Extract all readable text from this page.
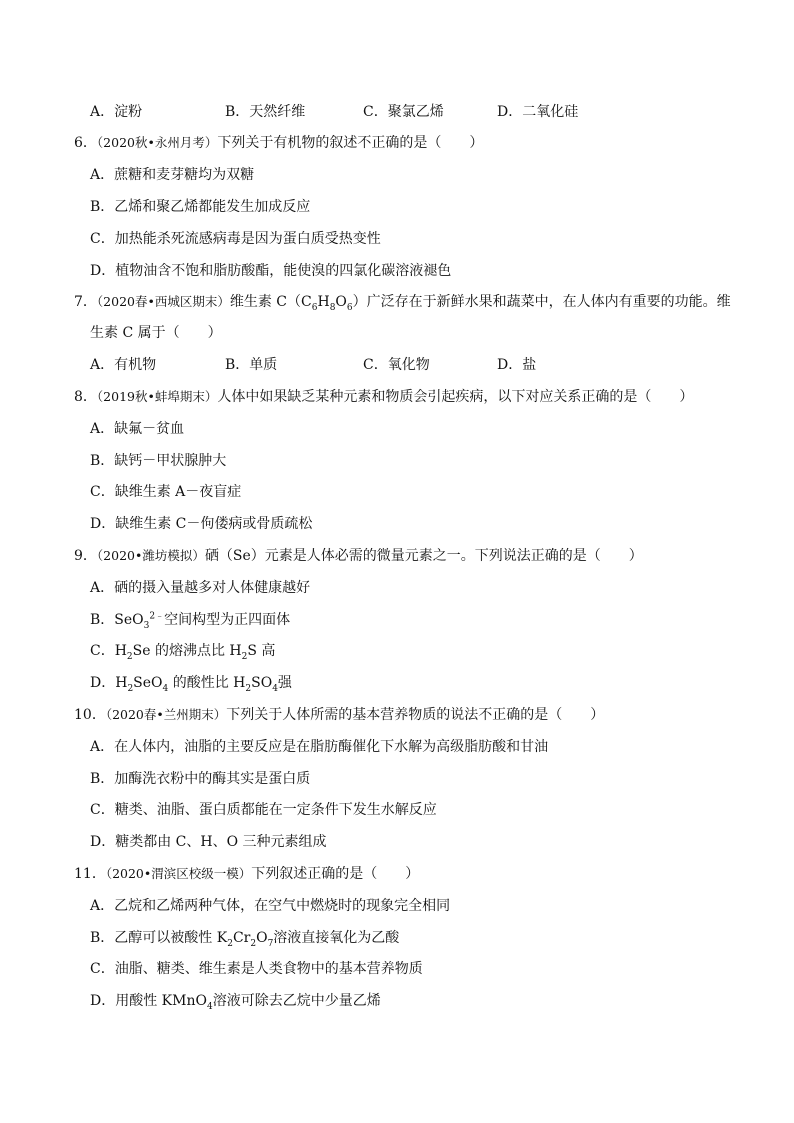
A．淀粉	B．天然纤维	C．聚氯乙烯	D．二氧化硅
6．（2020秋•永州月考）下列关于有机物的叙述不正确的是（　　）
A．蔗糖和麦芽糖均为双糖
B．乙烯和聚乙烯都能发生加成反应
C．加热能杀死流感病毒是因为蛋白质受热变性
D．植物油含不饱和脂肪酸酯，能使溴的四氯化碳溶液褪色
7．（2020春•西城区期末）维生素 $C(C_6H_8O_6)$广泛存在于新鲜水果和蔬菜中，在人体内有重要的功能。维
生素 C 属于（　　）
A．有机物	B．单质	C．氧化物	D．盐
8．（2019秋•蚌埠期末）人体中如果缺乏某种元素和物质会引起疾病，以下对应关系正确的是（　　）
A．缺氟－贫血
B．缺钙－甲状腺肿大
C．缺维生素 A－夜盲症
D．缺维生素 C－佝偻病或骨质疏松
9．（2020•潍坊模拟）硒（Se）元素是人体必需的微量元素之一。下列说法正确的是（　　）
A．硒的摄入量越多对人体健康越好
B．SeO$_3^{2﹣}$空间构型为正四面体
C．$H_2Se$ 的熔沸点比 $H_2S$ 高
D．$H_2SeO_4$ 的酸性比 $H_2SO_4$强
10．（2020春•兰州期末）下列关于人体所需的基本营养物质的说法不正确的是（　　）
A．在人体内，油脂的主要反应是在脂肪酶催化下水解为高级脂肪酸和甘油
B．加酶洗衣粉中的酶其实是蛋白质
C．糖类、油脂、蛋白质都能在一定条件下发生水解反应
D．糖类都由 C、H、O 三种元素组成
11．（2020•渭滨区校级一模）下列叙述正确的是（　　）
A．乙烷和乙烯两种气体，在空气中燃烧时的现象完全相同
B．乙醇可以被酸性 $K_2Cr_2O_7$溶液直接氧化为乙酸
C．油脂、糖类、维生素是人类食物中的基本营养物质
D．用酸性 KMnO$_4$溶液可除去乙烷中少量乙烯
